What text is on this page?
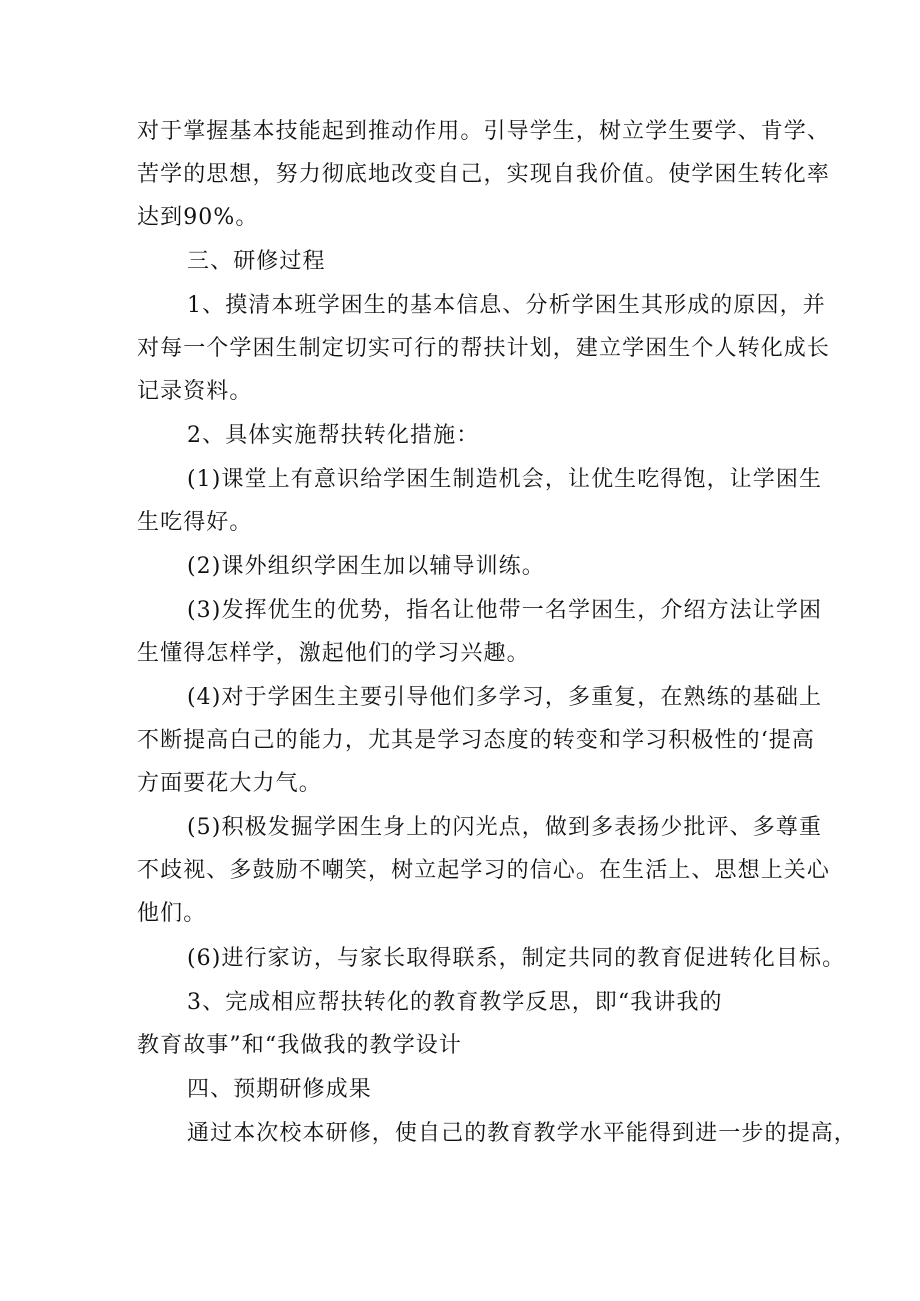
对于掌握基本技能起到推动作用。引导学生，树立学生要学、肯学、
苦学的思想，努力彻底地改变自己，实现自我价值。使学困生转化率
达到90%。
三、研修过程
1、摸清本班学困生的基本信息、分析学困生其形成的原因，并
对每一个学困生制定切实可行的帮扶计划，建立学困生个人转化成长
记录资料。
2、具体实施帮扶转化措施：
(1)课堂上有意识给学困生制造机会，让优生吃得饱，让学困生
生吃得好。
(2)课外组织学困生加以辅导训练。
(3)发挥优生的优势，指名让他带一名学困生，介绍方法让学困
生懂得怎样学，激起他们的学习兴趣。
(4)对于学困生主要引导他们多学习，多重复，在熟练的基础上
不断提高白己的能力，尤其是学习态度的转变和学习积极性的‘提高
方面要花大力气。
(5)积极发掘学困生身上的闪光点，做到多表扬少批评、多尊重
不歧视、多鼓励不嘲笑，树立起学习的信心。在生活上、思想上关心
他们。
(6)进行家访，与家长取得联系，制定共同的教育促进转化目标。
3、完成相应帮扶转化的教育教学反思，即“我讲我的
教育故事”和“我做我的教学设计
四、预期研修成果
通过本次校本研修，使自己的教育教学水平能得到进一步的提高，
